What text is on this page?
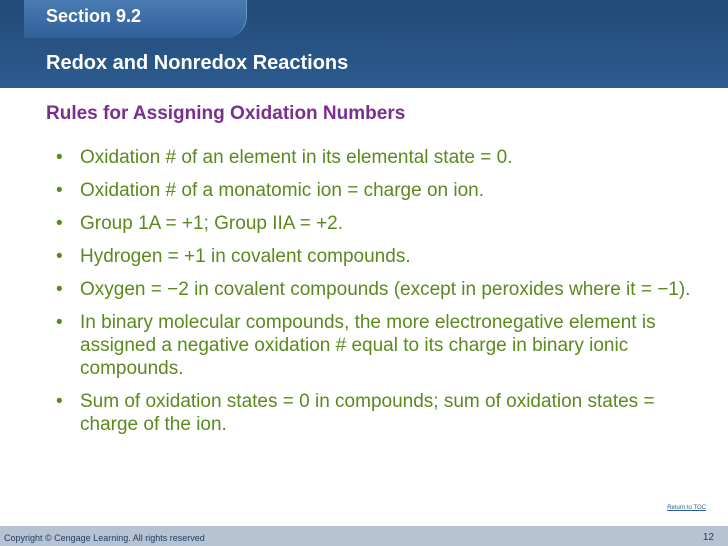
Section 9.2
Redox and Nonredox Reactions
Rules for Assigning Oxidation Numbers
• Oxidation # of an element in its elemental state = 0.
• Oxidation # of a monatomic ion = charge on ion.
• Group 1A = +1; Group IIA = +2.
• Hydrogen = +1 in covalent compounds.
• Oxygen = −2 in covalent compounds (except in peroxides where it = −1).
• In binary molecular compounds, the more electronegative element is assigned a negative oxidation # equal to its charge in binary ionic compounds.
• Sum of oxidation states = 0 in compounds; sum of oxidation states = charge of the ion.
Return to TOC
Copyright © Cengage Learning. All rights reserved	12
